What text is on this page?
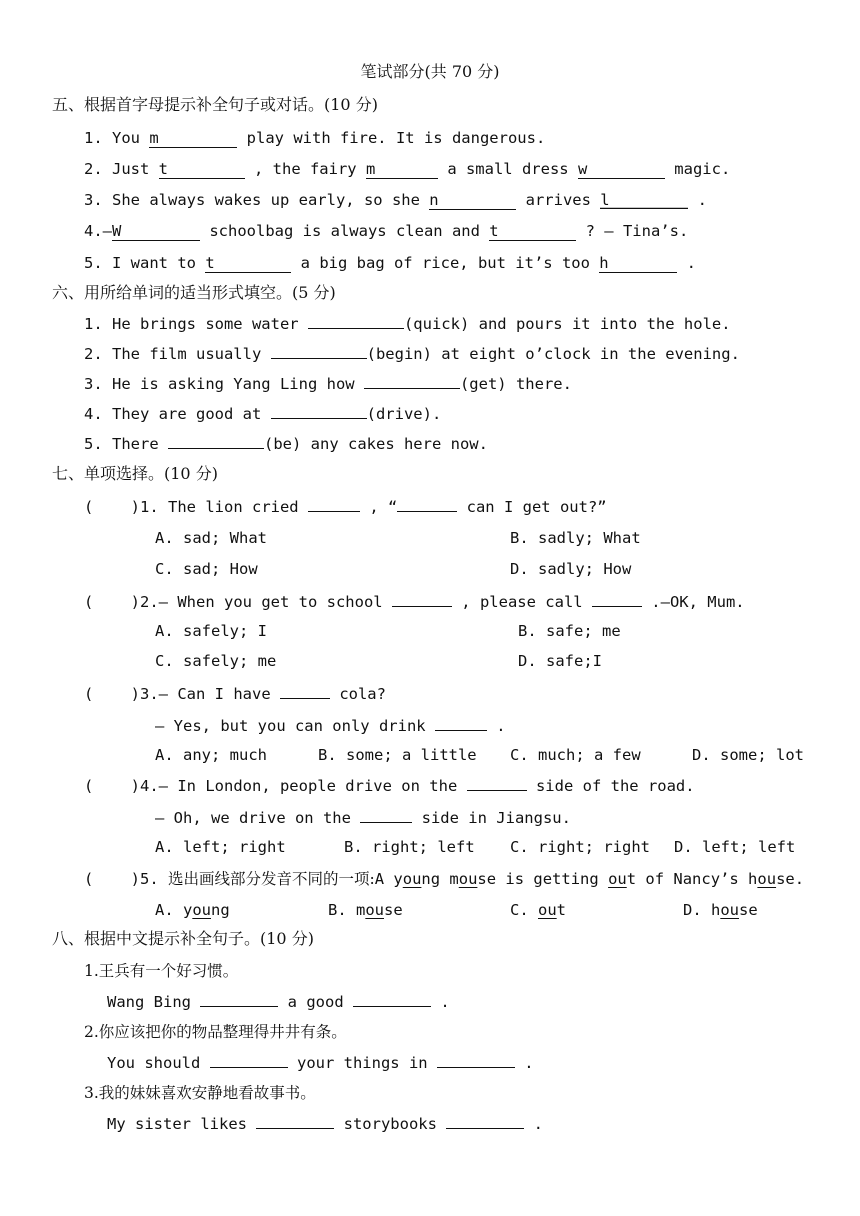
笔试部分(共 70 分)
五、根据首字母提示补全句子或对话。(10 分)
1. You m	play with fire. It is dangerous.
2. Just t	, the fairy m	a small dress w	magic.
3. She always wakes up early, so she n	arrives l	.
4.—W	schoolbag is always clean and t	? — Tina’s.
5. I want to t	a big bag of rice, but it’s too h	.
六、用所给单词的适当形式填空。(5 分)
1. He brings some water	(quick) and pours it into the hole.
2. The film usually	(begin) at eight o’clock in the evening.
3. He is asking Yang Ling how	(get) there.
4. They are good at	(drive).
5. There	(be) any cakes here now.
七、单项选择。(10 分)
(    )1. The lion cried	, “	can I get out?”
A. sad; What	B. sadly; What
C. sad; How	D. sadly; How
(    )2.— When you get to school	, please call	.—OK, Mum.
A. safely; I	B. safe; me
C. safely; me	D. safe;I
(    )3.— Can I have	cola?
— Yes, but you can only drink	.
A. any; much	B. some; a little C. much; a few	D. some; lot
(    )4.— In London, people drive on the	side of the road.
— Oh, we drive on the	side in Jiangsu.
A. left; right	B. right; left C. right; right D. left; left
(    )5. 选出画线部分发音不同的一项:A young mouse is getting out of Nancy’s house.
A. young	B. mouse	C. out	D. house
八、根据中文提示补全句子。(10 分)
1.王兵有一个好习惯。
Wang Bing	a good	.
2.你应该把你的物品整理得井井有条。
You should	your things in	.
3.我的妹妹喜欢安静地看故事书。
My sister likes	storybooks	.
